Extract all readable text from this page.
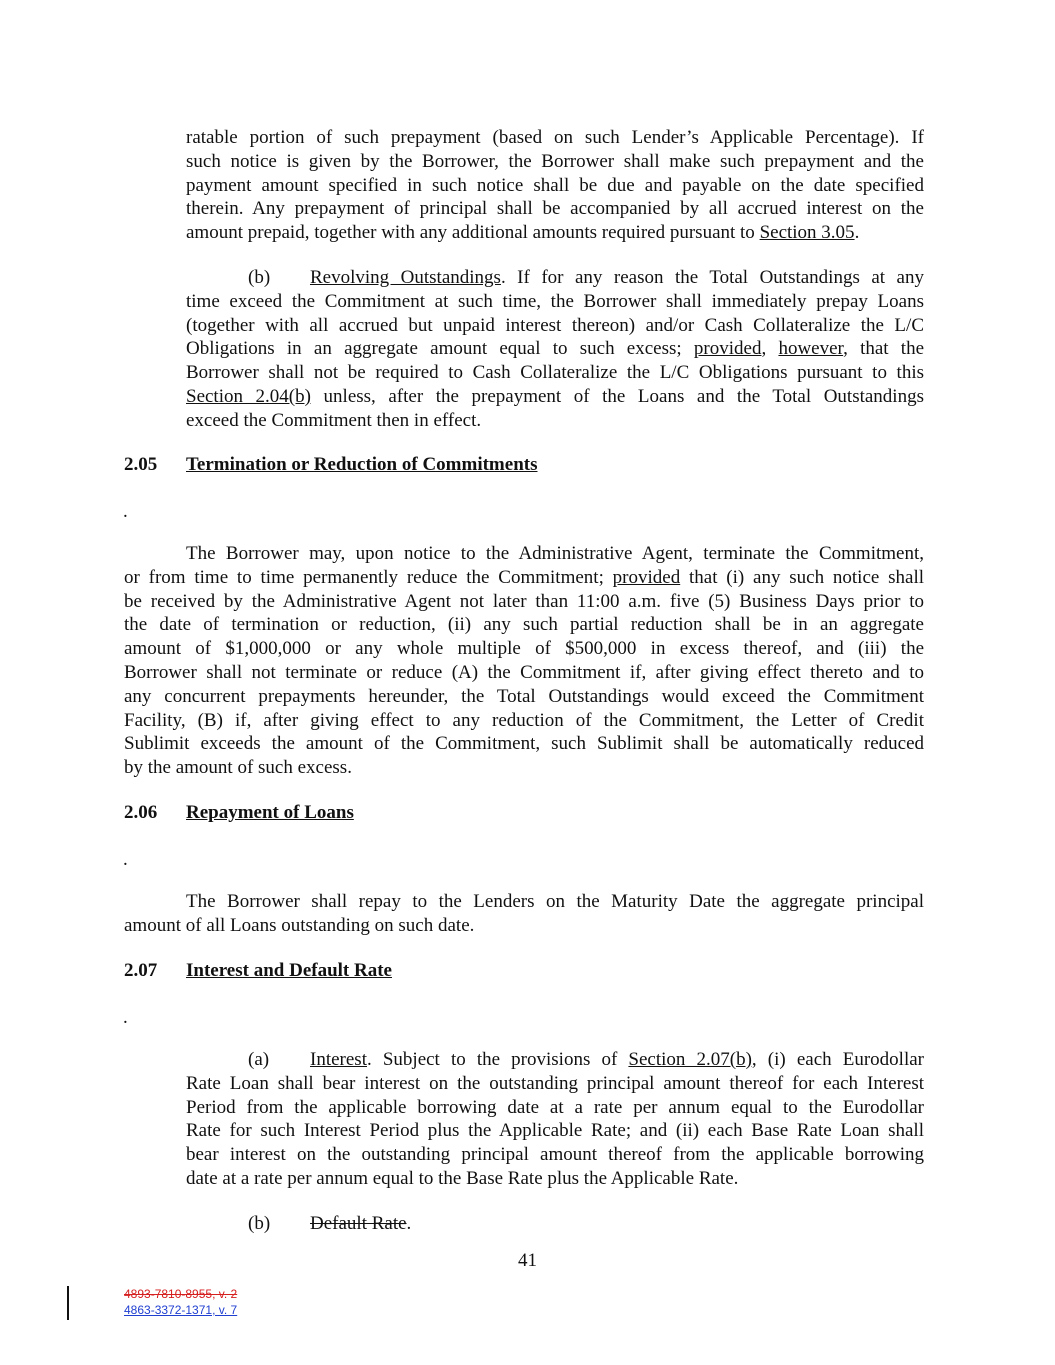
ratable portion of such prepayment (based on such Lender’s Applicable Percentage). If
such notice is given by the Borrower, the Borrower shall make such prepayment and the
payment amount specified in such notice shall be due and payable on the date specified
therein. Any prepayment of principal shall be accompanied by all accrued interest on the
amount prepaid, together with any additional amounts required pursuant to Section 3.05.
(b) Revolving Outstandings. If for any reason the Total Outstandings at any
time exceed the Commitment at such time, the Borrower shall immediately prepay Loans
(together with all accrued but unpaid interest thereon) and/or Cash Collateralize the L/C
Obligations in an aggregate amount equal to such excess; provided, however, that the
Borrower shall not be required to Cash Collateralize the L/C Obligations pursuant to this
Section 2.04(b) unless, after the prepayment of the Loans and the Total Outstandings
exceed the Commitment then in effect.
2.05 Termination or Reduction of Commitments
.
The Borrower may, upon notice to the Administrative Agent, terminate the Commitment,
or from time to time permanently reduce the Commitment; provided that (i) any such notice shall
be received by the Administrative Agent not later than 11:00 a.m. five (5) Business Days prior to
the date of termination or reduction, (ii) any such partial reduction shall be in an aggregate
amount of $1,000,000 or any whole multiple of $500,000 in excess thereof, and (iii) the
Borrower shall not terminate or reduce (A) the Commitment if, after giving effect thereto and to
any concurrent prepayments hereunder, the Total Outstandings would exceed the Commitment
Facility, (B) if, after giving effect to any reduction of the Commitment, the Letter of Credit
Sublimit exceeds the amount of the Commitment, such Sublimit shall be automatically reduced
by the amount of such excess.
2.06 Repayment of Loans
.
The Borrower shall repay to the Lenders on the Maturity Date the aggregate principal
amount of all Loans outstanding on such date.
2.07 Interest and Default Rate
.
(a) Interest. Subject to the provisions of Section 2.07(b), (i) each Eurodollar
Rate Loan shall bear interest on the outstanding principal amount thereof for each Interest
Period from the applicable borrowing date at a rate per annum equal to the Eurodollar
Rate for such Interest Period plus the Applicable Rate; and (ii) each Base Rate Loan shall
bear interest on the outstanding principal amount thereof from the applicable borrowing
date at a rate per annum equal to the Base Rate plus the Applicable Rate.
(b) Default Rate.
41
4893-7810-8955, v. 2
4863-3372-1371, v. 7
